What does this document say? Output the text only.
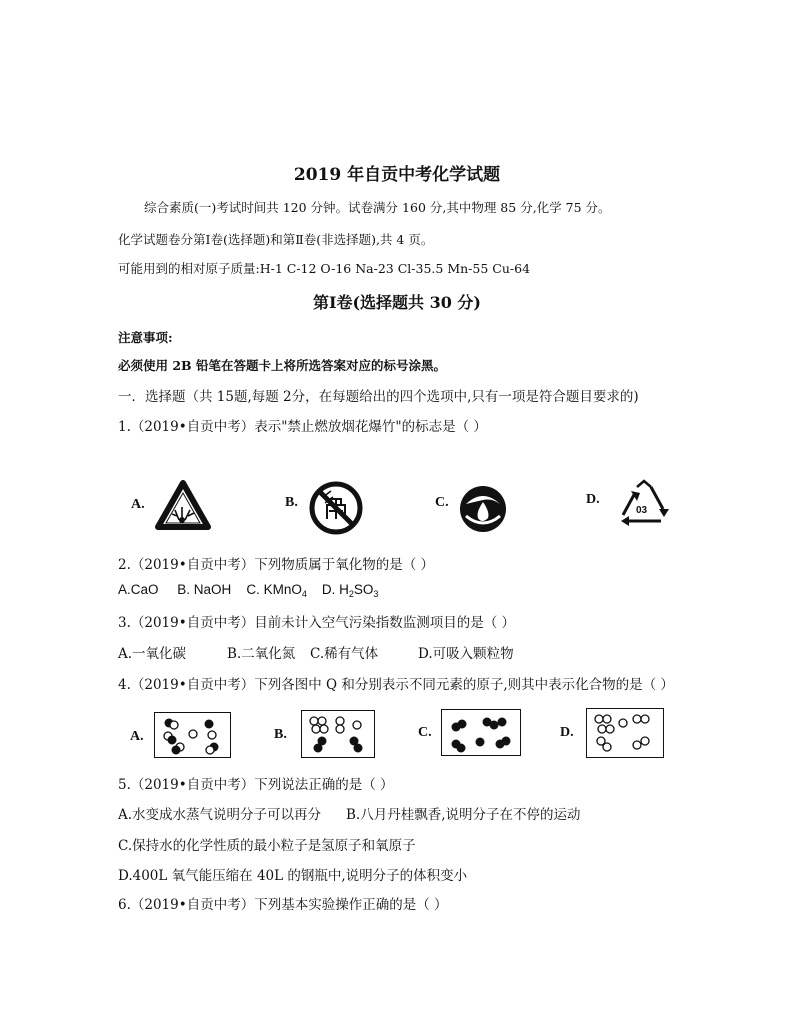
2019 年自贡中考化学试题
综合素质(一)考试时间共 120 分钟。试卷满分 160 分,其中物理 85 分,化学 75 分。
化学试题卷分第Ⅰ卷(选择题)和第Ⅱ卷(非选择题),共 4 页。
可能用到的相对原子质量:H-1 C-12 O-16 Na-23 Cl-35.5 Mn-55 Cu-64
第Ⅰ卷(选择题共 30 分)
注意事项:
必须使用 2B 铅笔在答题卡上将所选答案对应的标号涂黑。
一．选择题（共 15题,每题 2分，在每题给出的四个选项中,只有一项是符合题目要求的)
1.（2019•自贡中考）表示"禁止燃放烟花爆竹"的标志是（ ）
A.	B.	C.	D.
03
2.（2019•自贡中考）下列物质属于氧化物的是（ ）
A.CaO B. NaOH C. KMnO$_4$ D. $H_2SO_3$
3.（2019•自贡中考）目前未计入空气污染指数监测项目的是（ ）
A.一氧化碳	B.二氧化氮 C.稀有气体	D.可吸入颗粒物
4.（2019•自贡中考）下列各图中 Q 和分别表示不同元素的原子,则其中表示化合物的是（ ）
A.	B.	C.	D.
5.（2019•自贡中考）下列说法正确的是（ ）
A.水变成水蒸气说明分子可以再分 B.八月丹桂飘香,说明分子在不停的运动
C.保持水的化学性质的最小粒子是氢原子和氧原子
D.400L 氧气能压缩在 40L 的钢瓶中,说明分子的体积变小
6.（2019•自贡中考）下列基本实验操作正确的是（ ）
